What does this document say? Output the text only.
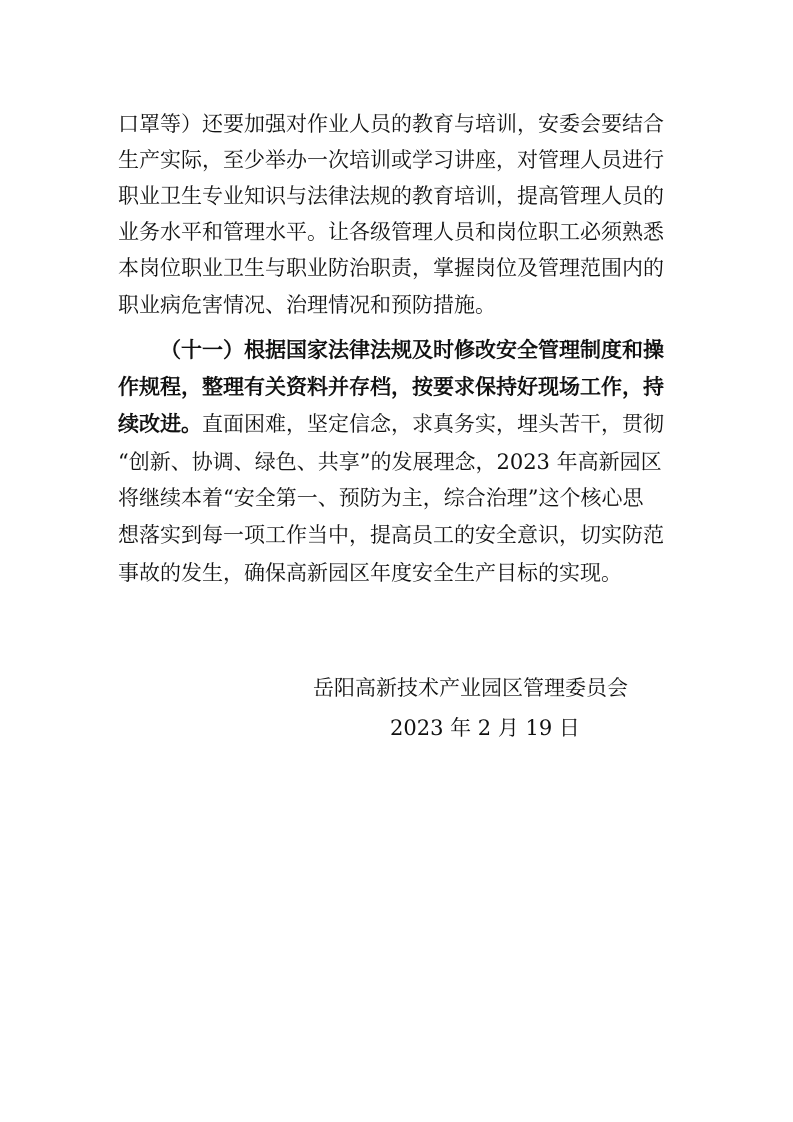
口罩等）还要加强对作业人员的教育与培训，安委会要结合
生产实际，至少举办一次培训或学习讲座，对管理人员进行
职业卫生专业知识与法律法规的教育培训，提高管理人员的
业务水平和管理水平。让各级管理人员和岗位职工必须熟悉
本岗位职业卫生与职业防治职责，掌握岗位及管理范围内的
职业病危害情况、治理情况和预防措施。
（十一）根据国家法律法规及时修改安全管理制度和操
作规程，整理有关资料并存档，按要求保持好现场工作，持
续改进。直面困难，坚定信念，求真务实，埋头苦干，贯彻
“创新、协调、绿色、共享”的发展理念，2023 年高新园区
将继续本着“安全第一、预防为主，综合治理”这个核心思
想落实到每一项工作当中，提高员工的安全意识，切实防范
事故的发生，确保高新园区年度安全生产目标的实现。
岳阳高新技术产业园区管理委员会
2023 年 2 月 19 日
